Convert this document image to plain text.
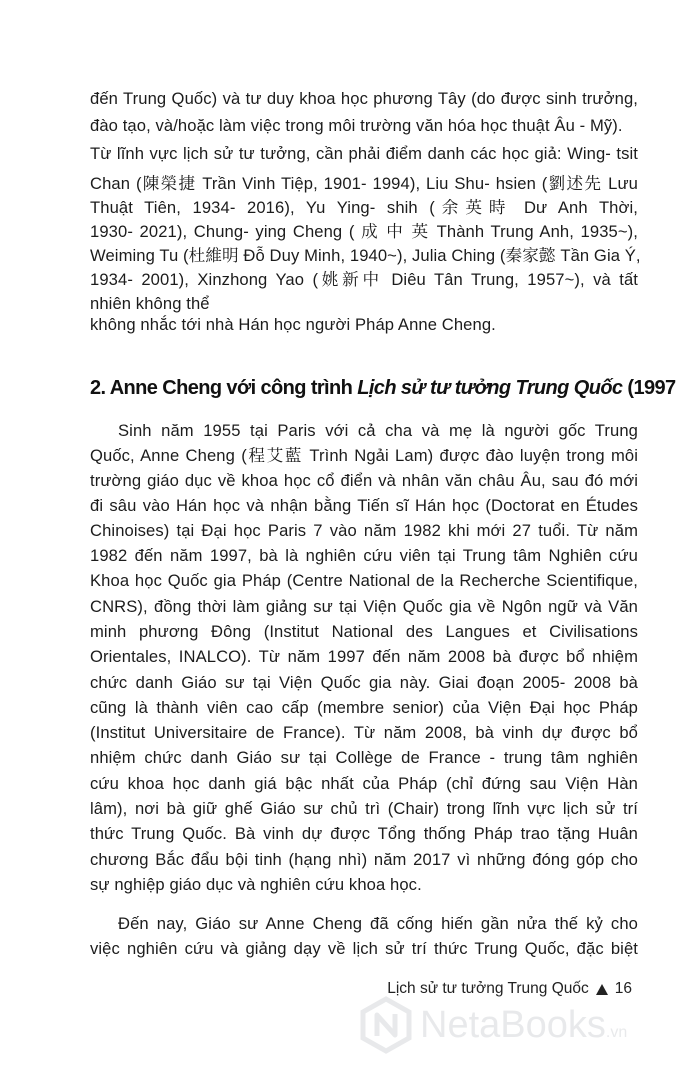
đến Trung Quốc) và tư duy khoa học phương Tây (do được sinh trưởng,
đào tạo, và/hoặc làm việc trong môi trường văn hóa học thuật Âu - Mỹ).
Từ lĩnh vực lịch sử tư tưởng, cần phải điểm danh các học giả: Wing- tsit
Chan (陳榮捷 Trần Vinh Tiệp, 1901- 1994), Liu Shu- hsien (劉述先 Lưu
Thuật Tiên, 1934- 2016), Yu Ying- shih (余英時 Dư Anh Thời,
1930- 2021), Chung- ying Cheng ( 成 中 英 Thành Trung Anh, 1935~),
Weiming Tu (杜維明 Đỗ Duy Minh, 1940~), Julia Ching (秦家懿 Tần Gia Ý,
1934- 2001), Xinzhong Yao (姚新中 Diêu Tân Trung, 1957~), và tất
nhiên không thể
không nhắc tới nhà Hán học người Pháp Anne Cheng.
2. Anne Cheng với công trình Lịch sử tư tưởng Trung Quốc (1997
Sinh năm 1955 tại Paris với cả cha và mẹ là người gốc Trung
Quốc, Anne Cheng (程艾藍 Trình Ngải Lam) được đào luyện trong môi
trường giáo dục về khoa học cổ điển và nhân văn châu Âu, sau đó mới
đi sâu vào Hán học và nhận bằng Tiến sĩ Hán học (Doctorat en Études
Chinoises) tại Đại học Paris 7 vào năm 1982 khi mới 27 tuổi. Từ năm
1982 đến năm 1997, bà là nghiên cứu viên tại Trung tâm Nghiên cứu
Khoa học Quốc gia Pháp (Centre National de la Recherche Scientifique,
CNRS), đồng thời làm giảng sư tại Viện Quốc gia về Ngôn ngữ và Văn
minh phương Đông (Institut National des Langues et Civilisations
Orientales, INALCO). Từ năm 1997 đến năm 2008 bà được bổ nhiệm
chức danh Giáo sư tại Viện Quốc gia này. Giai đoạn 2005- 2008 bà
cũng là thành viên cao cấp (membre senior) của Viện Đại học Pháp
(Institut Universitaire de France). Từ năm 2008, bà vinh dự được bổ
nhiệm chức danh Giáo sư tại Collège de France - trung tâm nghiên
cứu khoa học danh giá bậc nhất của Pháp (chỉ đứng sau Viện Hàn
lâm), nơi bà giữ ghế Giáo sư chủ trì (Chair) trong lĩnh vực lịch sử trí
thức Trung Quốc. Bà vinh dự được Tổng thống Pháp trao tặng Huân
chương Bắc đẩu bội tinh (hạng nhì) năm 2017 vì những đóng góp cho
sự nghiệp giáo dục và nghiên cứu khoa học.
Đến nay, Giáo sư Anne Cheng đã cống hiến gần nửa thế kỷ cho
việc nghiên cứu và giảng dạy về lịch sử trí thức Trung Quốc, đặc biệt
Lịch sử tư tưởng Trung Quốc 16
NetaBooks.vn
